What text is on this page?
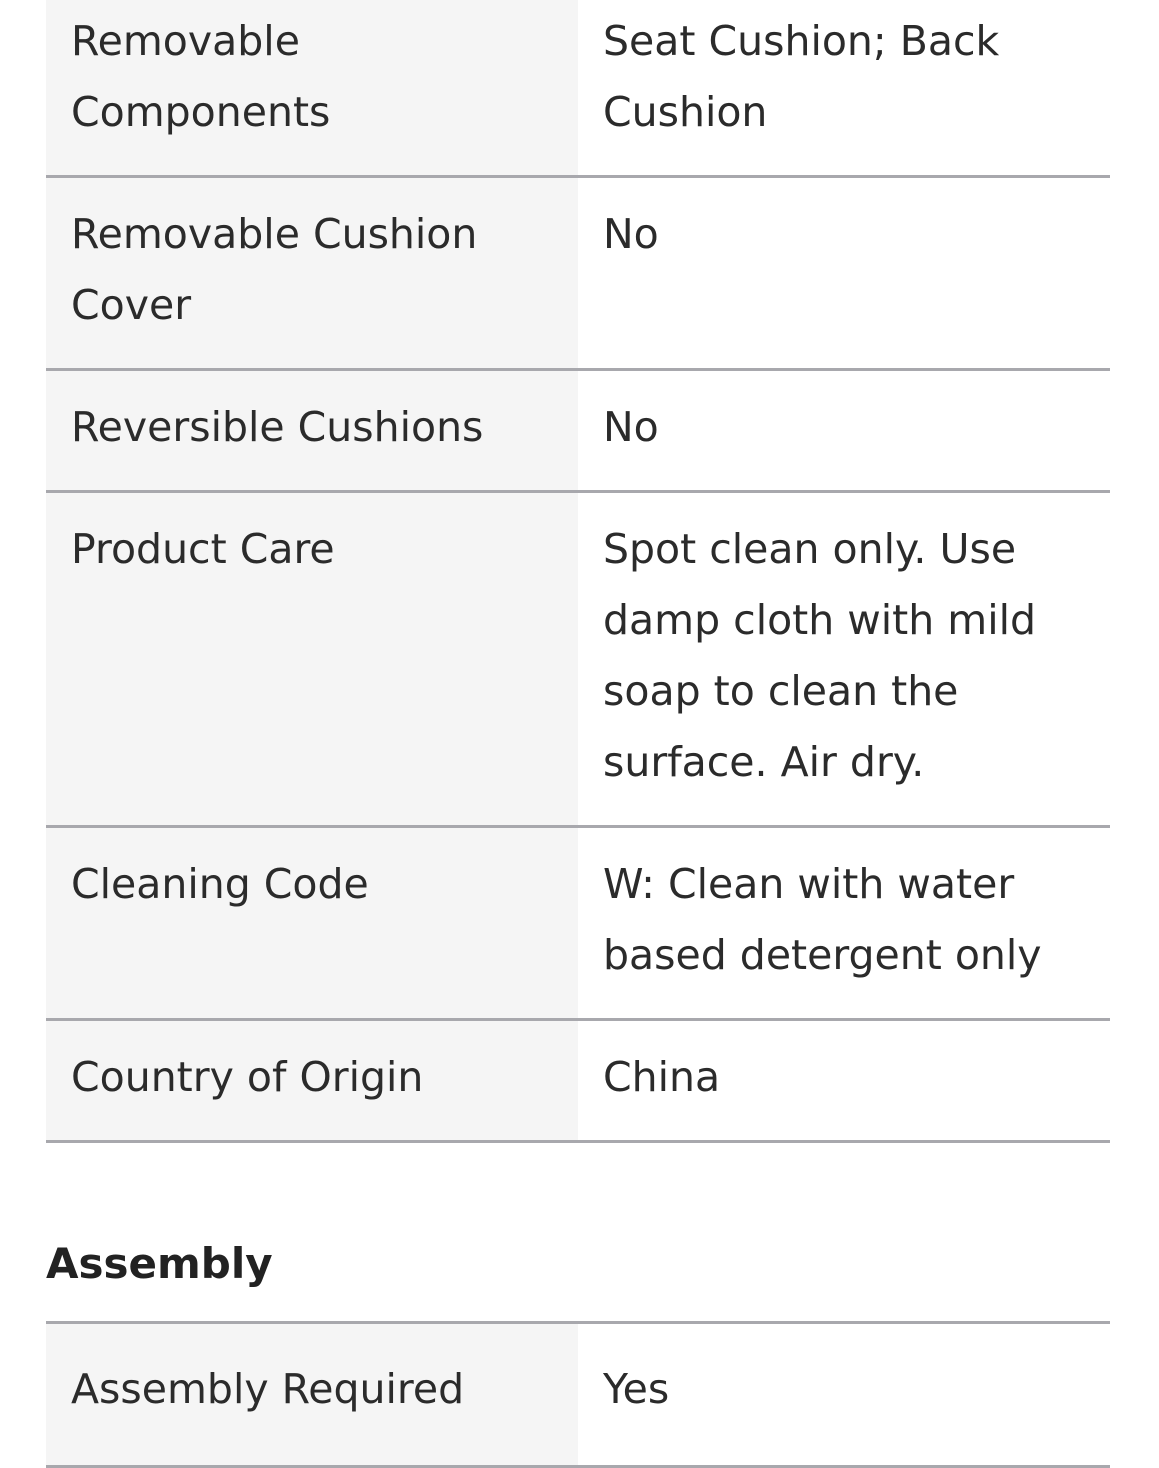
Removable Components	Seat Cushion; Back Cushion
Removable Cushion Cover	No
Reversible Cushions	No
Product Care	Spot clean only. Use damp cloth with mild soap to clean the surface. Air dry.
Cleaning Code	W: Clean with water based detergent only
Country of Origin	China
Assembly
Assembly Required	Yes
